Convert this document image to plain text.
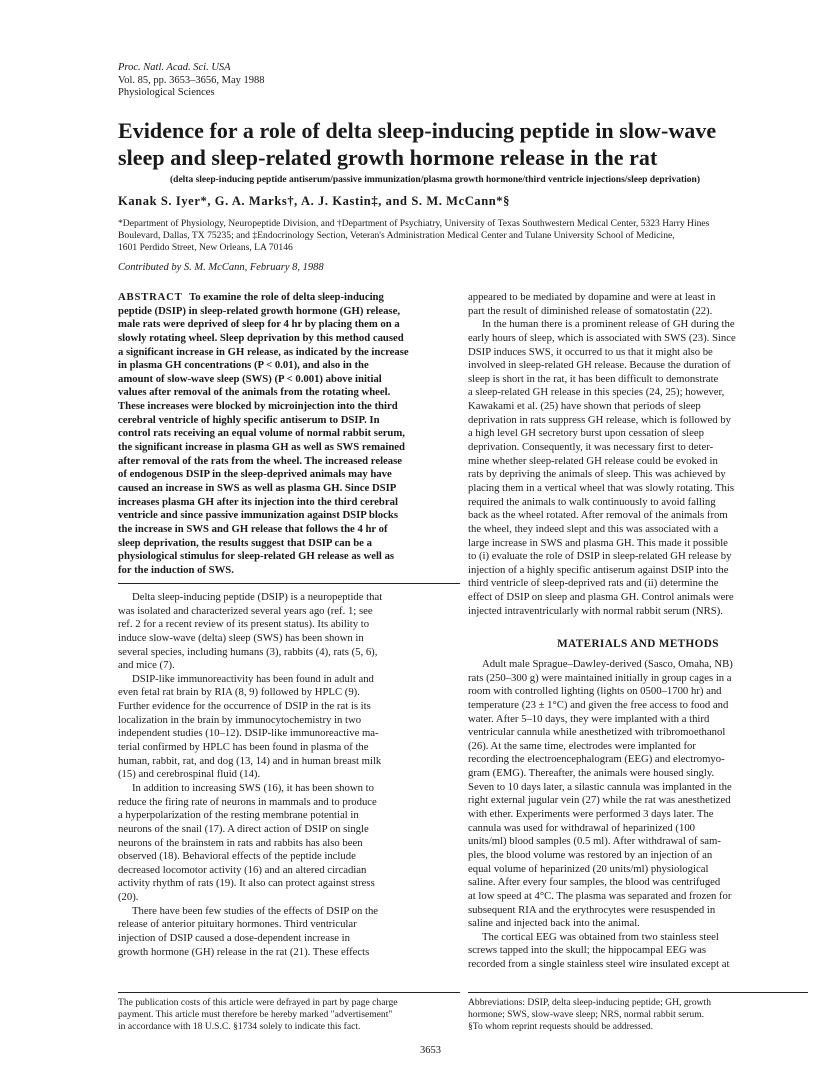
Proc. Natl. Acad. Sci. USA
Vol. 85, pp. 3653–3656, May 1988
Physiological Sciences
Evidence for a role of delta sleep-inducing peptide in slow-wave
sleep and sleep-related growth hormone release in the rat
(delta sleep-inducing peptide antiserum/passive immunization/plasma growth hormone/third ventricle injections/sleep deprivation)
Kanak S. Iyer*, G. A. Marks†, A. J. Kastin‡, and S. M. McCann*§
*Department of Physiology, Neuropeptide Division, and †Department of Psychiatry, University of Texas Southwestern Medical Center, 5323 Harry Hines
Boulevard, Dallas, TX 75235; and ‡Endocrinology Section, Veteran's Administration Medical Center and Tulane University School of Medicine,
1601 Perdido Street, New Orleans, LA 70146
Contributed by S. M. McCann, February 8, 1988
ABSTRACT To examine the role of delta sleep-inducing
peptide (DSIP) in sleep-related growth hormone (GH) release,
male rats were deprived of sleep for 4 hr by placing them on a
slowly rotating wheel. Sleep deprivation by this method caused
a significant increase in GH release, as indicated by the increase
in plasma GH concentrations (P < 0.01), and also in the
amount of slow-wave sleep (SWS) (P < 0.001) above initial
values after removal of the animals from the rotating wheel.
These increases were blocked by microinjection into the third
cerebral ventricle of highly specific antiserum to DSIP. In
control rats receiving an equal volume of normal rabbit serum,
the significant increase in plasma GH as well as SWS remained
after removal of the rats from the wheel. The increased release
of endogenous DSIP in the sleep-deprived animals may have
caused an increase in SWS as well as plasma GH. Since DSIP
increases plasma GH after its injection into the third cerebral
ventricle and since passive immunization against DSIP blocks
the increase in SWS and GH release that follows the 4 hr of
sleep deprivation, the results suggest that DSIP can be a
physiological stimulus for sleep-related GH release as well as
for the induction of SWS.
Delta sleep-inducing peptide (DSIP) is a neuropeptide that
was isolated and characterized several years ago (ref. 1; see
ref. 2 for a recent review of its present status). Its ability to
induce slow-wave (delta) sleep (SWS) has been shown in
several species, including humans (3), rabbits (4), rats (5, 6),
and mice (7).
DSIP-like immunoreactivity has been found in adult and
even fetal rat brain by RIA (8, 9) followed by HPLC (9).
Further evidence for the occurrence of DSIP in the rat is its
localization in the brain by immunocytochemistry in two
independent studies (10–12). DSIP-like immunoreactive ma-
terial confirmed by HPLC has been found in plasma of the
human, rabbit, rat, and dog (13, 14) and in human breast milk
(15) and cerebrospinal fluid (14).
In addition to increasing SWS (16), it has been shown to
reduce the firing rate of neurons in mammals and to produce
a hyperpolarization of the resting membrane potential in
neurons of the snail (17). A direct action of DSIP on single
neurons of the brainstem in rats and rabbits has also been
observed (18). Behavioral effects of the peptide include
decreased locomotor activity (16) and an altered circadian
activity rhythm of rats (19). It also can protect against stress
(20).
There have been few studies of the effects of DSIP on the
release of anterior pituitary hormones. Third ventricular
injection of DSIP caused a dose-dependent increase in
growth hormone (GH) release in the rat (21). These effects
appeared to be mediated by dopamine and were at least in
part the result of diminished release of somatostatin (22).
In the human there is a prominent release of GH during the
early hours of sleep, which is associated with SWS (23). Since
DSIP induces SWS, it occurred to us that it might also be
involved in sleep-related GH release. Because the duration of
sleep is short in the rat, it has been difficult to demonstrate
a sleep-related GH release in this species (24, 25); however,
Kawakami et al. (25) have shown that periods of sleep
deprivation in rats suppress GH release, which is followed by
a high level GH secretory burst upon cessation of sleep
deprivation. Consequently, it was necessary first to deter-
mine whether sleep-related GH release could be evoked in
rats by depriving the animals of sleep. This was achieved by
placing them in a vertical wheel that was slowly rotating. This
required the animals to walk continuously to avoid falling
back as the wheel rotated. After removal of the animals from
the wheel, they indeed slept and this was associated with a
large increase in SWS and plasma GH. This made it possible
to (i) evaluate the role of DSIP in sleep-related GH release by
injection of a highly specific antiserum against DSIP into the
third ventricle of sleep-deprived rats and (ii) determine the
effect of DSIP on sleep and plasma GH. Control animals were
injected intraventricularly with normal rabbit serum (NRS).
MATERIALS AND METHODS
Adult male Sprague–Dawley-derived (Sasco, Omaha, NB)
rats (250–300 g) were maintained initially in group cages in a
room with controlled lighting (lights on 0500–1700 hr) and
temperature (23 ± 1°C) and given the free access to food and
water. After 5–10 days, they were implanted with a third
ventricular cannula while anesthetized with tribromoethanol
(26). At the same time, electrodes were implanted for
recording the electroencephalogram (EEG) and electromyo-
gram (EMG). Thereafter, the animals were housed singly.
Seven to 10 days later, a silastic cannula was implanted in the
right external jugular vein (27) while the rat was anesthetized
with ether. Experiments were performed 3 days later. The
cannula was used for withdrawal of heparinized (100
units/ml) blood samples (0.5 ml). After withdrawal of sam-
ples, the blood volume was restored by an injection of an
equal volume of heparinized (20 units/ml) physiological
saline. After every four samples, the blood was centrifuged
at low speed at 4°C. The plasma was separated and frozen for
subsequent RIA and the erythrocytes were resuspended in
saline and injected back into the animal.
The cortical EEG was obtained from two stainless steel
screws tapped into the skull; the hippocampal EEG was
recorded from a single stainless steel wire insulated except at
The publication costs of this article were defrayed in part by page charge
payment. This article must therefore be hereby marked "advertisement"
in accordance with 18 U.S.C. §1734 solely to indicate this fact.
Abbreviations: DSIP, delta sleep-inducing peptide; GH, growth
hormone; SWS, slow-wave sleep; NRS, normal rabbit serum.
§To whom reprint requests should be addressed.
3653
